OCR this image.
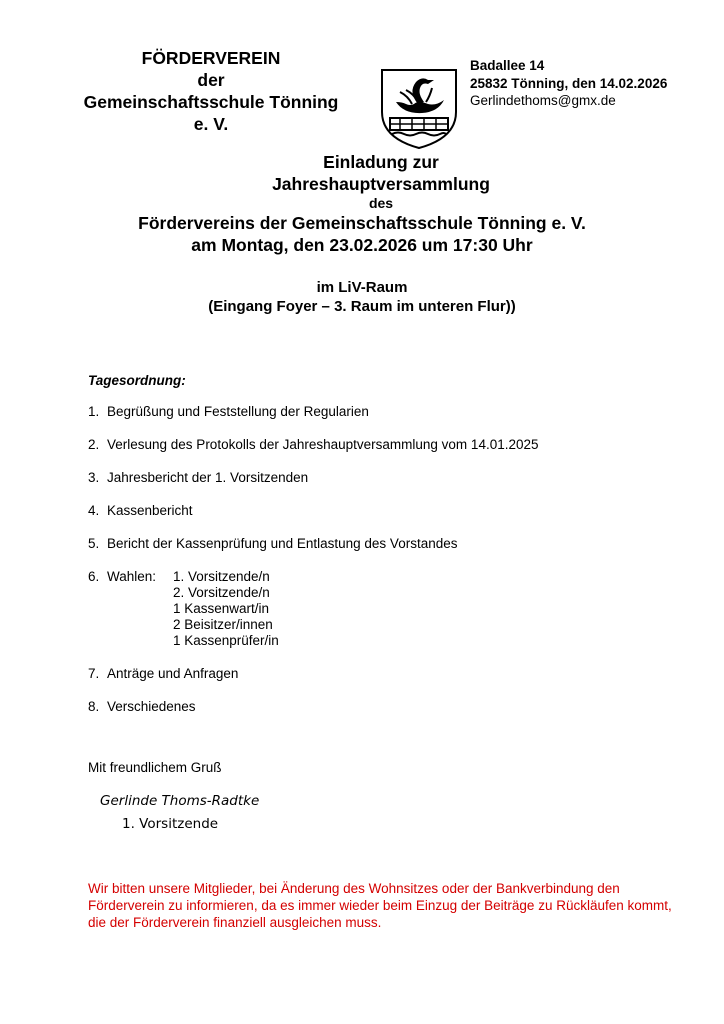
FÖRDERVEREIN
der
Gemeinschaftsschule Tönning
e. V.
Badallee 14
25832 Tönning, den 14.02.2026
Gerlindethoms@gmx.de
Einladung zur
Jahreshauptversammlung
des
Fördervereins der Gemeinschaftsschule Tönning e. V.
am Montag, den 23.02.2026 um 17:30 Uhr
im LiV-Raum
(Eingang Foyer – 3. Raum im unteren Flur))
Tagesordnung:
1. Begrüßung und Feststellung der Regularien
2. Verlesung des Protokolls der Jahreshauptversammlung vom 14.01.2025
3. Jahresbericht der 1. Vorsitzenden
4. Kassenbericht
5. Bericht der Kassenprüfung und Entlastung des Vorstandes
6. Wahlen:	1. Vorsitzende/n
2. Vorsitzende/n
1 Kassenwart/in
2 Beisitzer/innen
1 Kassenprüfer/in
7. Anträge und Anfragen
8. Verschiedenes
Mit freundlichem Gruß
Gerlinde Thoms-Radtke
1. Vorsitzende
Wir bitten unsere Mitglieder, bei Änderung des Wohnsitzes oder der Bankverbindung den Förderverein zu informieren, da es immer wieder beim Einzug der Beiträge zu Rückläufen kommt, die der Förderverein finanziell ausgleichen muss.
